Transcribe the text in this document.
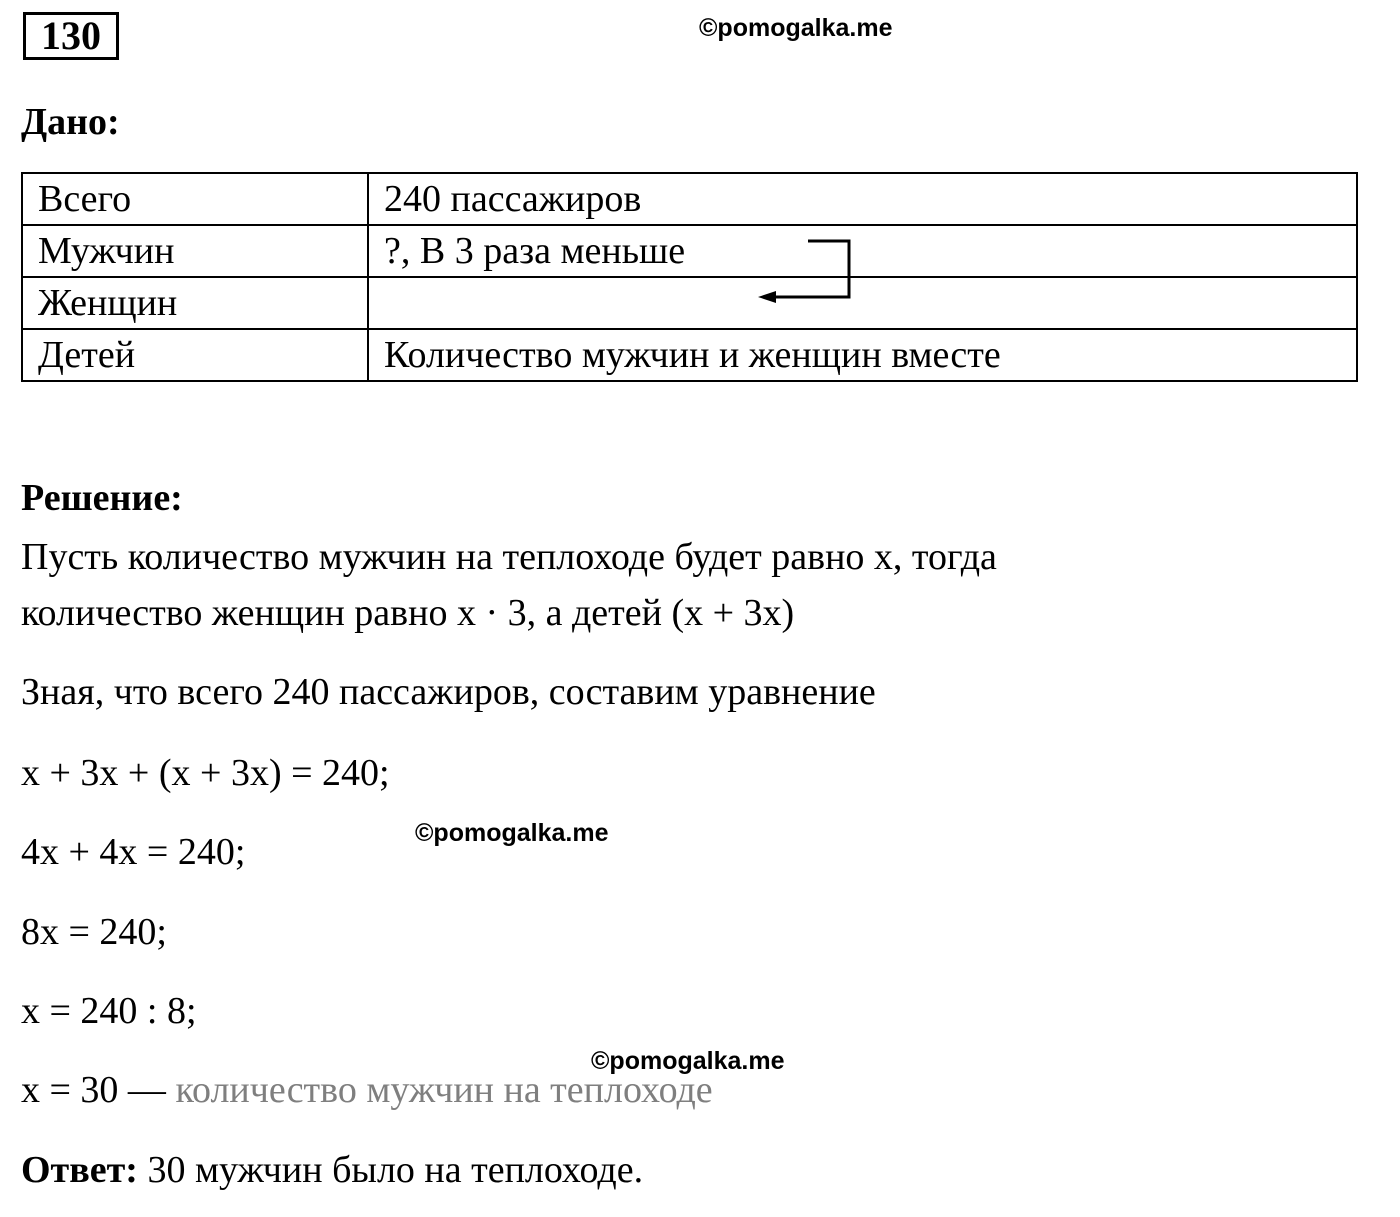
130	©pomogalka.me
©pomogalka.me
©pomogalka.me
Дано:
Всего	240 пассажиров
Мужчин	?, В 3 раза меньше
Женщин	
Детей	Количество мужчин и женщин вместе
Решение:
Пусть количество мужчин на теплоходе будет равно x, тогда
количество женщин равно x · 3, а детей (x + 3x)
Зная, что всего 240 пассажиров, составим уравнение
x + 3x + (x + 3x) = 240;
4x + 4x = 240;
8x = 240;
x = 240 : 8;
x = 30 — количество мужчин на теплоходе
Ответ: 30 мужчин было на теплоходе.
